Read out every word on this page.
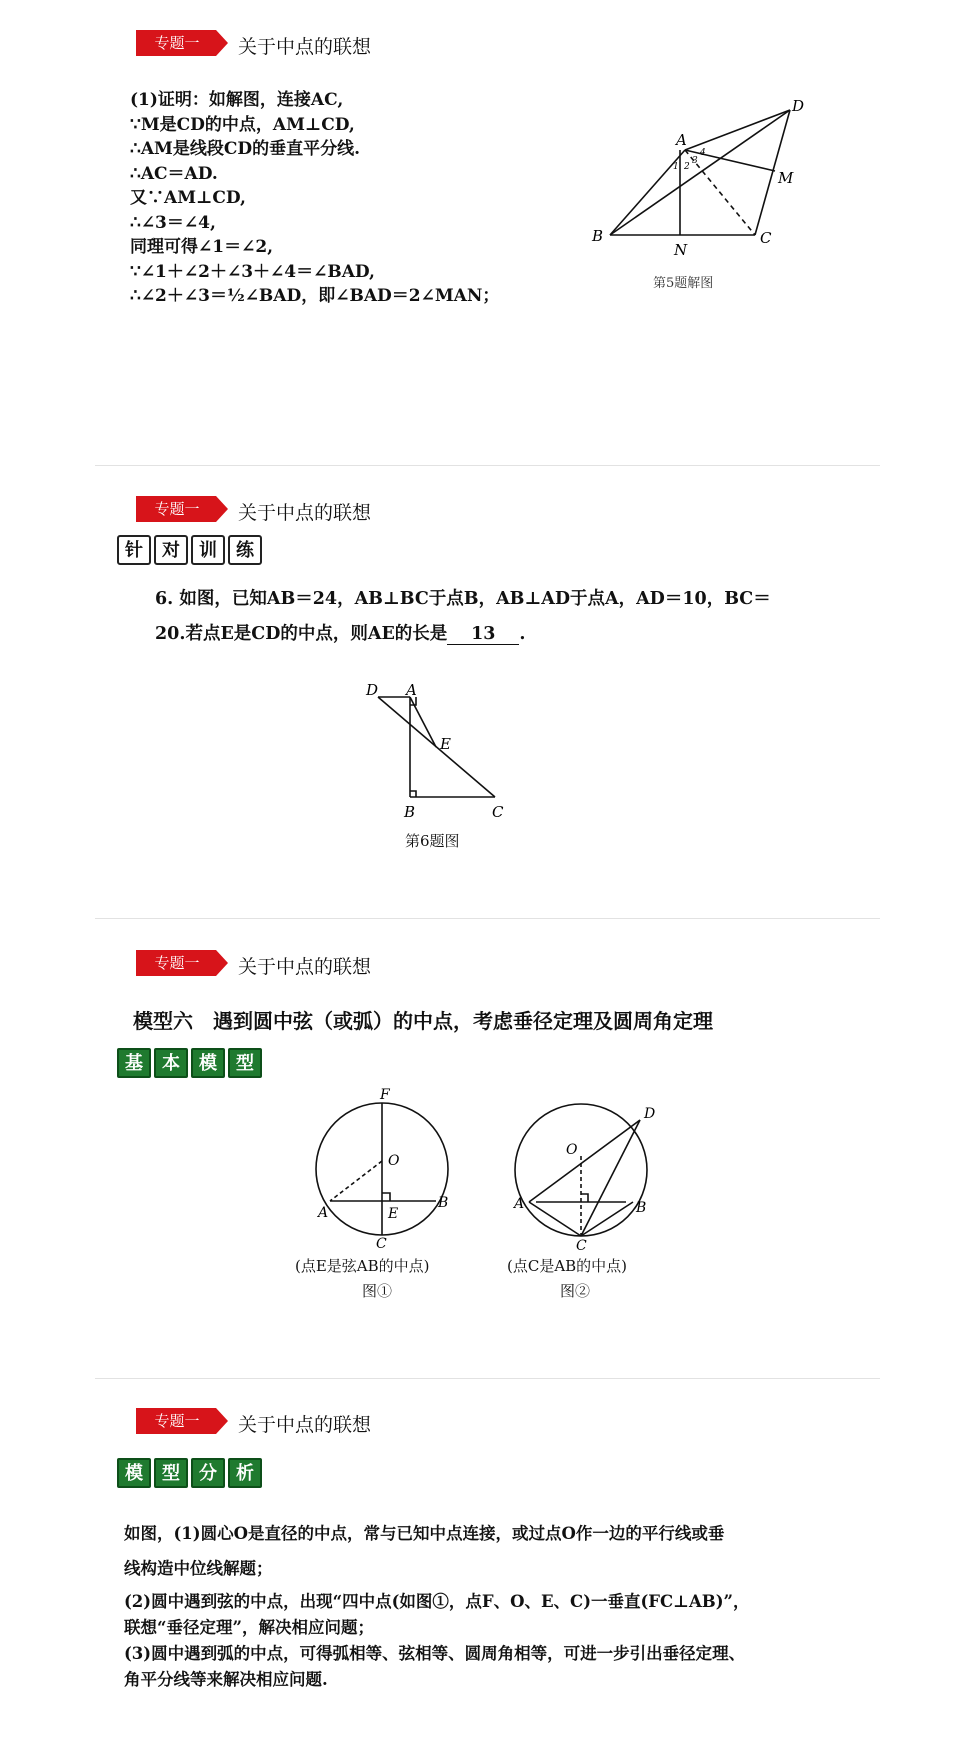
专题一	关于中点的联想
(1)证明：如解图，连接AC,
∵M是CD的中点，AM⊥CD,
∴AM是线段CD的垂直平分线.
∴AC＝AD.
又∵AM⊥CD,
∴∠3＝∠4,
同理可得∠1＝∠2,
∵∠1＋∠2＋∠3＋∠4＝∠BAD,
∴∠2＋∠3＝½∠BAD，即∠BAD＝2∠MAN；
A
B	C
D
M
N
1 2
3
4
第5题解图
专题一	关于中点的联想
针	对	训	练
6. 如图，已知AB＝24，AB⊥BC于点B，AB⊥AD于点A，AD＝10，BC＝
20.若点E是CD的中点，则AE的长是 13 .
D A
E
B	C
第6题图
专题一	关于中点的联想
模型六　遇到圆中弦（或弧）的中点，考虑垂径定理及圆周角定理
基	本	模	型
F
O
A	E
B
C
(点E是弦AB的中点)
图①
D
O
A	B
C
(点C是AB的中点)
图②
专题一	关于中点的联想
模	型	分	析
如图，(1)圆心O是直径的中点，常与已知中点连接，或过点O作一边的平行线或垂
线构造中位线解题；
(2)圆中遇到弦的中点，出现“四中点(如图①，点F、O、E、C)一垂直(FC⊥AB)”，
联想“垂径定理”，解决相应问题；
(3)圆中遇到弧的中点，可得弧相等、弦相等、圆周角相等，可进一步引出垂径定理、
角平分线等来解决相应问题.
